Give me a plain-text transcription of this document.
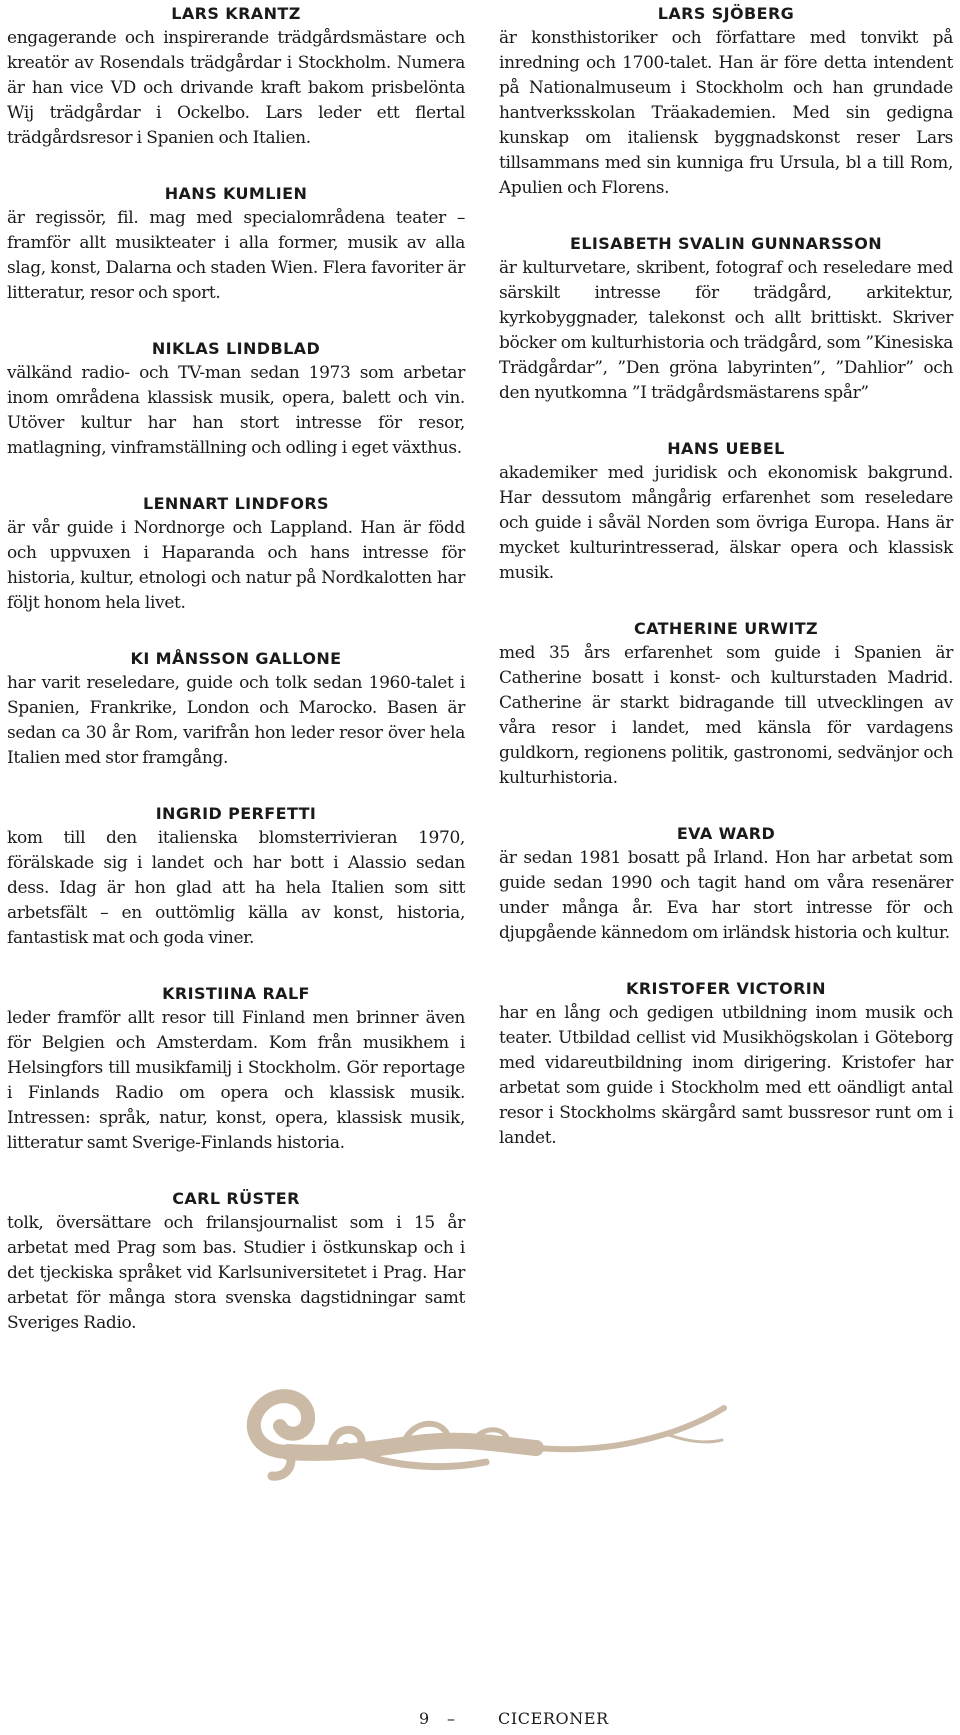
LARS KRANTZ

engagerande och inspirerande trädgårdsmästare och kreatör av Rosendals trädgårdar i Stockholm. Numera är han vice VD och drivande kraft bakom prisbelönta Wij trädgårdar i Ockelbo. Lars leder ett flertal trädgårdsresor i Spanien och Italien.

HANS KUMLIEN

är regissör, fil. mag med specialområdena teater – framför allt musikteater i alla former, musik av alla slag, konst, Dalarna och staden Wien. Flera favoriter är litteratur, resor och sport.

NIKLAS LINDBLAD

välkänd radio- och TV-man sedan 1973 som arbetar inom områdena klassisk musik, opera, balett och vin. Utöver kultur har han stort intresse för resor, matlagning, vinframställning och odling i eget växthus.

LENNART LINDFORS

är vår guide i Nordnorge och Lappland. Han är född och uppvuxen i Haparanda och hans intresse för historia, kultur, etnologi och natur på Nordkalotten har följt honom hela livet.

KI MÅNSSON GALLONE

har varit reseledare, guide och tolk sedan 1960-talet i Spanien, Frankrike, London och Marocko. Basen är sedan ca 30 år Rom, varifrån hon leder resor över hela Italien med stor framgång.

INGRID PERFETTI

kom till den italienska blomsterrivieran 1970, förälskade sig i landet och har bott i Alassio sedan dess. Idag är hon glad att ha hela Italien som sitt arbetsfält – en outtömlig källa av konst, historia, fantastisk mat och goda viner.

KRISTIINA RALF

leder framför allt resor till Finland men brinner även för Belgien och Amsterdam. Kom från musikhem i Helsingfors till musikfamilj i Stockholm. Gör reportage i Finlands Radio om opera och klassisk musik. Intressen: språk, natur, konst, opera, klassisk musik, litteratur samt Sverige-Finlands historia.

CARL RÜSTER

tolk, översättare och frilansjournalist som i 15 år arbetat med Prag som bas. Studier i östkunskap och i det tjeckiska språket vid Karlsuniversitetet i Prag. Har arbetat för många stora svenska dagstidningar samt Sveriges Radio.

LARS SJÖBERG

är konsthistoriker och författare med tonvikt på inredning och 1700-talet. Han är före detta intendent på Nationalmuseum i Stockholm och han grundade hantverksskolan Träakademien. Med sin gedigna kunskap om italiensk byggnadskonst reser Lars tillsammans med sin kunniga fru Ursula, bl a till Rom, Apulien och Florens.

ELISABETH SVALIN GUNNARSSON

är kulturvetare, skribent, fotograf och reseledare med särskilt intresse för trädgård, arkitektur, kyrkobyggnader, talekonst och allt brittiskt. Skriver böcker om kulturhistoria och trädgård, som ”Kinesiska Trädgårdar”, ”Den gröna labyrinten”, ”Dahlior” och den nyutkomna ”I trädgårdsmästarens spår”

HANS UEBEL

akademiker med juridisk och ekonomisk bakgrund. Har dessutom mångårig erfarenhet som reseledare och guide i såväl Norden som övriga Europa. Hans är mycket kulturintresserad, älskar opera och klassisk musik.

CATHERINE URWITZ

med 35 års erfarenhet som guide i Spanien är Catherine bosatt i konst- och kulturstaden Madrid. Catherine är starkt bidragande till utvecklingen av våra resor i landet, med känsla för vardagens guldkorn, regionens politik, gastronomi, sedvänjor och kulturhistoria.

EVA WARD

är sedan 1981 bosatt på Irland. Hon har arbetat som guide sedan 1990 och tagit hand om våra resenärer under många år. Eva har stort intresse för och djupgående kännedom om irländsk historia och kultur.

KRISTOFER VICTORIN

har en lång och gedigen utbildning inom musik och teater. Utbildad cellist vid Musikhögskolan i Göteborg med vidareutbildning inom dirigering. Kristofer har arbetat som guide i Stockholm med ett oändligt antal resor i Stockholms skärgård samt bussresor runt om i landet.

9 –	CICERONER
